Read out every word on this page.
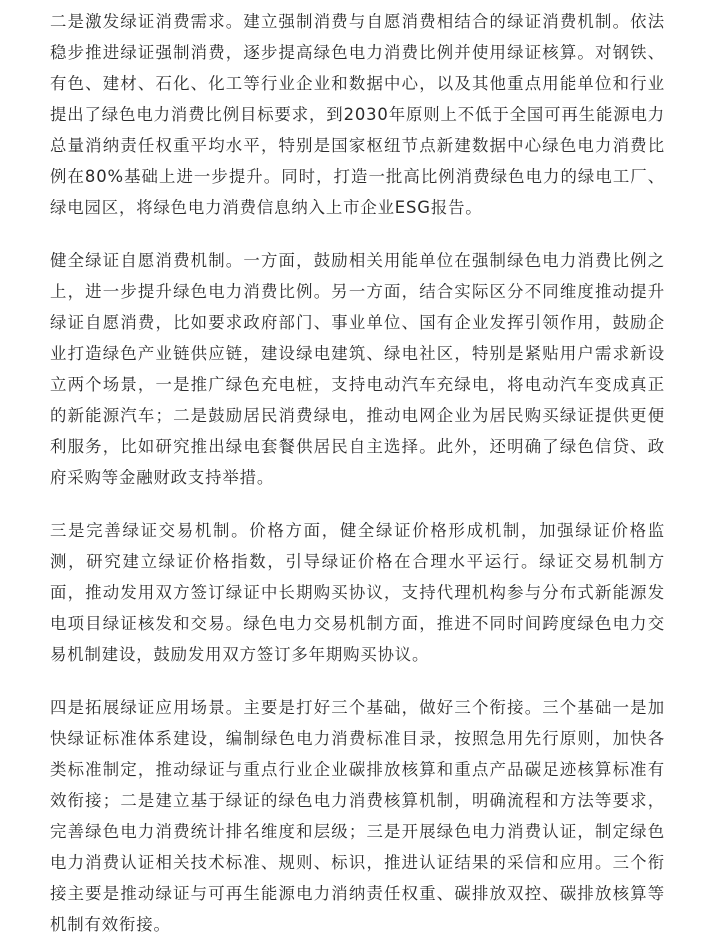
二是激发绿证消费需求。建立强制消费与自愿消费相结合的绿证消费机制。依法稳步推进绿证强制消费，逐步提高绿色电力消费比例并使用绿证核算。对钢铁、有色、建材、石化、化工等行业企业和数据中心，以及其他重点用能单位和行业提出了绿色电力消费比例目标要求，到2030年原则上不低于全国可再生能源电力总量消纳责任权重平均水平，特别是国家枢纽节点新建数据中心绿色电力消费比例在80%基础上进一步提升。同时，打造一批高比例消费绿色电力的绿电工厂、绿电园区，将绿色电力消费信息纳入上市企业ESG报告。

健全绿证自愿消费机制。一方面，鼓励相关用能单位在强制绿色电力消费比例之上，进一步提升绿色电力消费比例。另一方面，结合实际区分不同维度推动提升绿证自愿消费，比如要求政府部门、事业单位、国有企业发挥引领作用，鼓励企业打造绿色产业链供应链，建设绿电建筑、绿电社区，特别是紧贴用户需求新设立两个场景，一是推广绿色充电桩，支持电动汽车充绿电，将电动汽车变成真正的新能源汽车；二是鼓励居民消费绿电，推动电网企业为居民购买绿证提供更便利服务，比如研究推出绿电套餐供居民自主选择。此外，还明确了绿色信贷、政府采购等金融财政支持举措。

三是完善绿证交易机制。价格方面，健全绿证价格形成机制，加强绿证价格监测，研究建立绿证价格指数，引导绿证价格在合理水平运行。绿证交易机制方面，推动发用双方签订绿证中长期购买协议，支持代理机构参与分布式新能源发电项目绿证核发和交易。绿色电力交易机制方面，推进不同时间跨度绿色电力交易机制建设，鼓励发用双方签订多年期购买协议。

四是拓展绿证应用场景。主要是打好三个基础，做好三个衔接。三个基础一是加快绿证标准体系建设，编制绿色电力消费标准目录，按照急用先行原则，加快各类标准制定，推动绿证与重点行业企业碳排放核算和重点产品碳足迹核算标准有效衔接；二是建立基于绿证的绿色电力消费核算机制，明确流程和方法等要求，完善绿色电力消费统计排名维度和层级；三是开展绿色电力消费认证，制定绿色电力消费认证相关技术标准、规则、标识，推进认证结果的采信和应用。三个衔接主要是推动绿证与可再生能源电力消纳责任权重、碳排放双控、碳排放核算等机制有效衔接。
